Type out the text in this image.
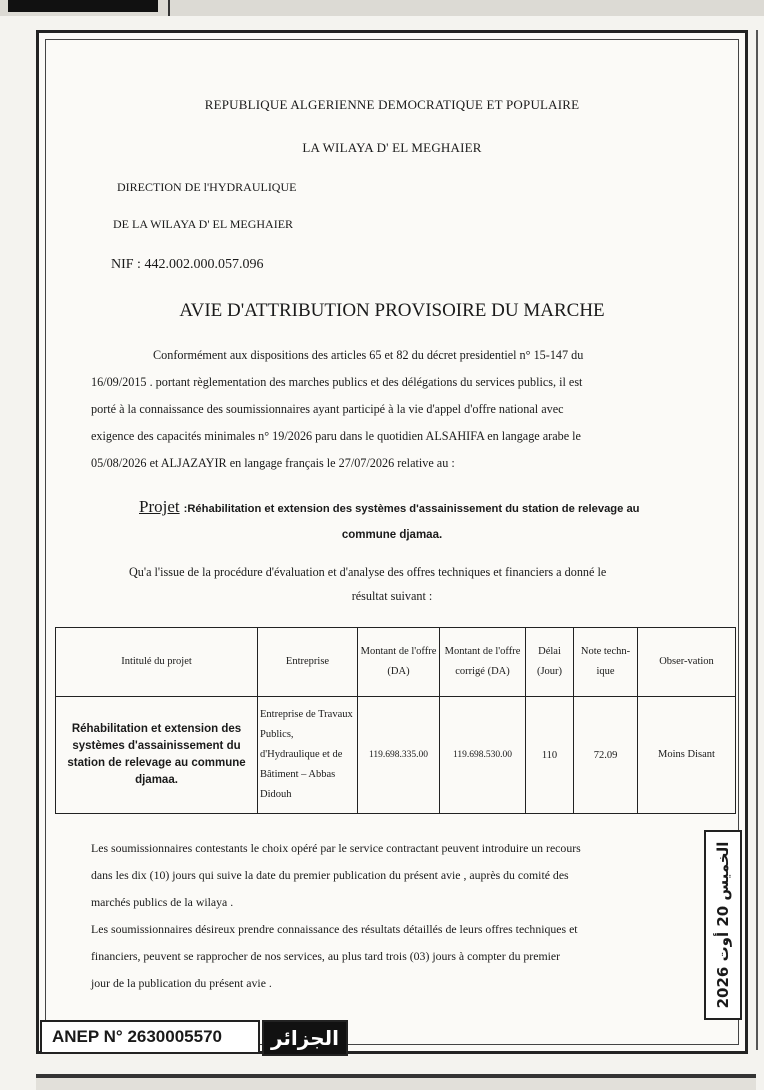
REPUBLIQUE ALGERIENNE DEMOCRATIQUE ET POPULAIRE
LA WILAYA D' EL MEGHAIER
DIRECTION DE l'HYDRAULIQUE
DE LA WILAYA D' EL MEGHAIER
NIF : 442.002.000.057.096
AVIE D'ATTRIBUTION PROVISOIRE DU MARCHE

Conformément aux dispositions des articles 65 et 82 du décret presidentiel n° 15-147 du

16/09/2015 . portant règlementation des marches publics et des délégations du services publics, il est

porté à la connaissance des soumissionnaires ayant participé à la vie d'appel d'offre national avec

exigence des capacités minimales n° 19/2026 paru dans le quotidien ALSAHIFA en langage arabe le

05/08/2026 et ALJAZAYIR en langage français le 27/07/2026 relative au :

Projet :Réhabilitation et extension des systèmes d'assainissement du station de relevage au
commune djamaa.
Qu'a l'issue de la procédure d'évaluation et d'analyse des offres techniques et financiers a donné le
résultat suivant :
Intitulé du projet	Entreprise	Montant de l'offre (DA)	Montant de l'offre corrigé (DA)	Délai (Jour)	Note techn-ique	Obser-vation
Réhabilitation et extension des systèmes d'assainissement du station de relevage au commune djamaa.	Entreprise de Travaux Publics, d'Hydraulique et de Bâtiment – Abbas Didouh	119.698.335.00	119.698.530.00	110	72.09	Moins Disant

Les soumissionnaires contestants le choix opéré par le service contractant peuvent introduire un recours

dans les dix (10) jours qui suive la date du premier publication du présent avie , auprès du comité des

marchés publics de la wilaya .

Les soumissionnaires désireux prendre connaissance des résultats détaillés de leurs offres techniques et

financiers, peuvent se rapprocher de nos services, au plus tard trois (03) jours à compter du premier

jour de la publication du présent avie .	الخميس 20 أوت 2026
ANEP N° 2630005570	الجزائر
